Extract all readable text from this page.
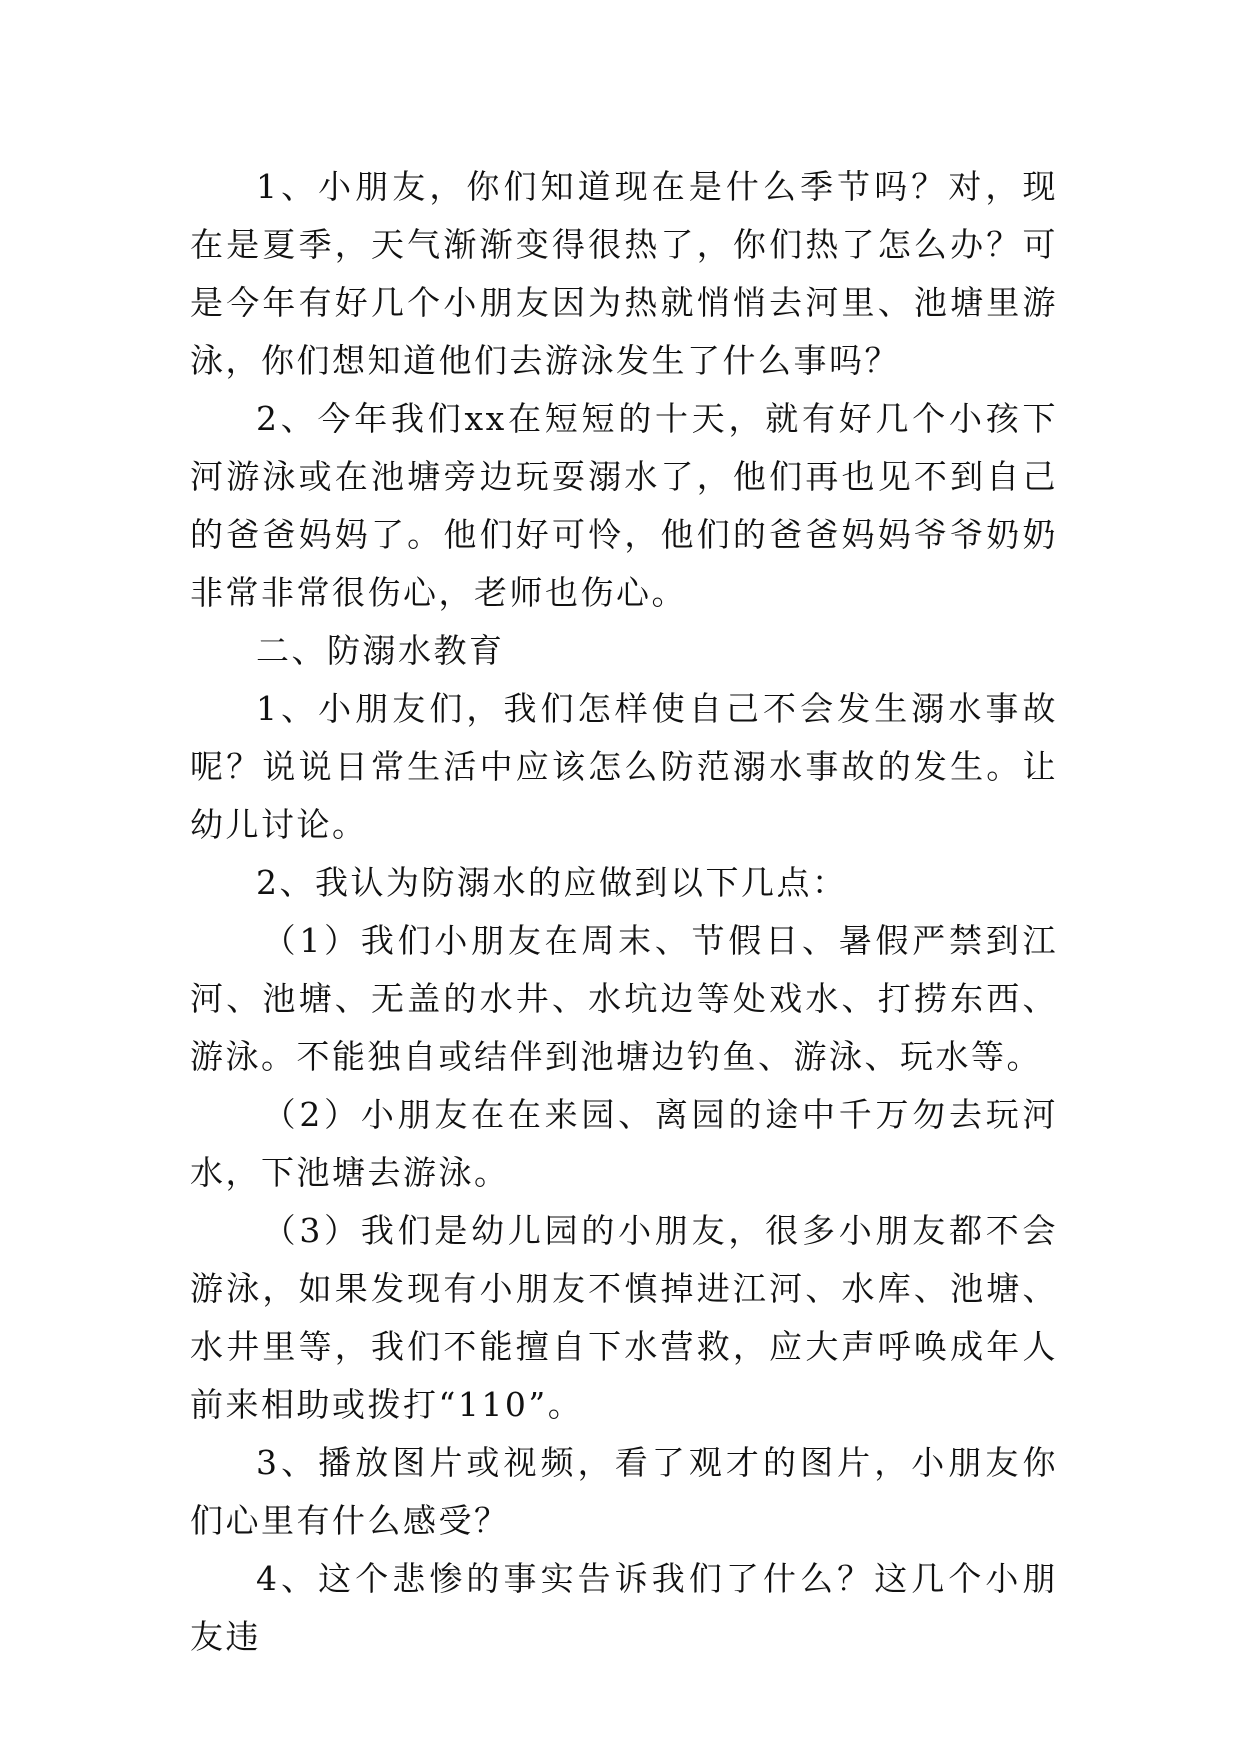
1、小朋友，你们知道现在是什么季节吗？对，现在是夏季，天气渐渐变得很热了，你们热了怎么办？可是今年有好几个小朋友因为热就悄悄去河里、池塘里游泳，你们想知道他们去游泳发生了什么事吗？

2、今年我们xx在短短的十天，就有好几个小孩下河游泳或在池塘旁边玩耍溺水了，他们再也见不到自己的爸爸妈妈了。他们好可怜，他们的爸爸妈妈爷爷奶奶非常非常很伤心，老师也伤心。

二、防溺水教育

1、小朋友们，我们怎样使自己不会发生溺水事故呢？说说日常生活中应该怎么防范溺水事故的发生。让幼儿讨论。

2、我认为防溺水的应做到以下几点：

（1）我们小朋友在周末、节假日、暑假严禁到江河、池塘、无盖的水井、水坑边等处戏水、打捞东西、游泳。不能独自或结伴到池塘边钓鱼、游泳、玩水等。

（2）小朋友在在来园、离园的途中千万勿去玩河水，下池塘去游泳。

（3）我们是幼儿园的小朋友，很多小朋友都不会游泳，如果发现有小朋友不慎掉进江河、水库、池塘、水井里等，我们不能擅自下水营救，应大声呼唤成年人前来相助或拨打“110”。

3、播放图片或视频，看了观才的图片，小朋友你们心里有什么感受？

4、这个悲惨的事实告诉我们了什么？这几个小朋友违
